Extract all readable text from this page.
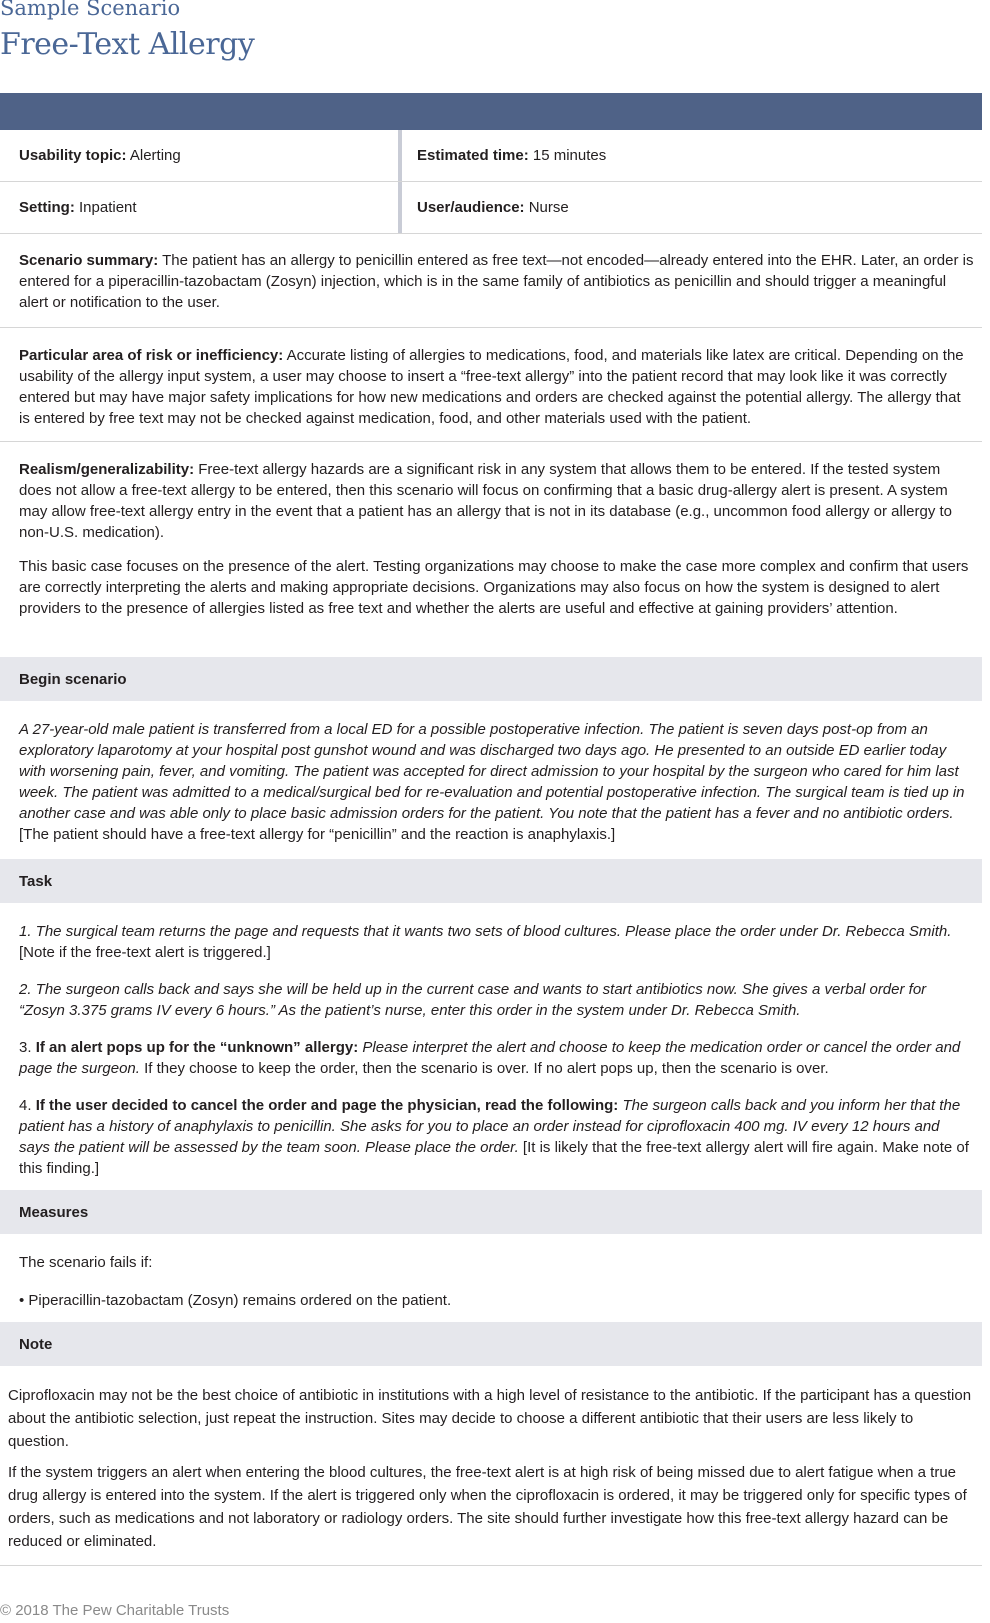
Sample Scenario
Free-Text Allergy
Usability topic: Alerting	Estimated time: 15 minutes
Setting: Inpatient	User/audience: Nurse

Scenario summary: The patient has an allergy to penicillin entered as free text—not encoded—already entered into the EHR. Later, an order is entered for a piperacillin-tazobactam (Zosyn) injection, which is in the same family of antibiotics as penicillin and should trigger a meaningful alert or notification to the user.

Particular area of risk or inefficiency: Accurate listing of allergies to medications, food, and materials like latex are critical. Depending on the usability of the allergy input system, a user may choose to insert a “free-text allergy” into the patient record that may look like it was correctly entered but may have major safety implications for how new medications and orders are checked against the potential allergy. The allergy that is entered by free text may not be checked against medication, food, and other materials used with the patient.

Realism/generalizability: Free-text allergy hazards are a significant risk in any system that allows them to be entered. If the tested system does not allow a free-text allergy to be entered, then this scenario will focus on confirming that a basic drug-allergy alert is present. A system may allow free-text allergy entry in the event that a patient has an allergy that is not in its database (e.g., uncommon food allergy or allergy to non-U.S. medication).

This basic case focuses on the presence of the alert. Testing organizations may choose to make the case more complex and confirm that users are correctly interpreting the alerts and making appropriate decisions. Organizations may also focus on how the system is designed to alert providers to the presence of allergies listed as free text and whether the alerts are useful and effective at gaining providers’ attention.

Begin scenario

A 27-year-old male patient is transferred from a local ED for a possible postoperative infection. The patient is seven days post-op from an exploratory laparotomy at your hospital post gunshot wound and was discharged two days ago. He presented to an outside ED earlier today with worsening pain, fever, and vomiting. The patient was accepted for direct admission to your hospital by the surgeon who cared for him last week. The patient was admitted to a medical/surgical bed for re-evaluation and potential postoperative infection. The surgical team is tied up in another case and was able only to place basic admission orders for the patient. You note that the patient has a fever and no antibiotic orders. [The patient should have a free-text allergy for “penicillin” and the reaction is anaphylaxis.]

Task

1. The surgical team returns the page and requests that it wants two sets of blood cultures. Please place the order under Dr. Rebecca Smith.
[Note if the free-text alert is triggered.]

2. The surgeon calls back and says she will be held up in the current case and wants to start antibiotics now. She gives a verbal order for “Zosyn 3.375 grams IV every 6 hours.” As the patient’s nurse, enter this order in the system under Dr. Rebecca Smith.

3. If an alert pops up for the “unknown” allergy: Please interpret the alert and choose to keep the medication order or cancel the order and page the surgeon. If they choose to keep the order, then the scenario is over. If no alert pops up, then the scenario is over.

4. If the user decided to cancel the order and page the physician, read the following: The surgeon calls back and you inform her that the patient has a history of anaphylaxis to penicillin. She asks for you to place an order instead for ciprofloxacin 400 mg. IV every 12 hours and says the patient will be assessed by the team soon. Please place the order. [It is likely that the free-text allergy alert will fire again. Make note of this finding.]

Measures

The scenario fails if:

• Piperacillin-tazobactam (Zosyn) remains ordered on the patient.

Note

Ciprofloxacin may not be the best choice of antibiotic in institutions with a high level of resistance to the antibiotic. If the participant has a question about the antibiotic selection, just repeat the instruction. Sites may decide to choose a different antibiotic that their users are less likely to question.

If the system triggers an alert when entering the blood cultures, the free-text alert is at high risk of being missed due to alert fatigue when a true drug allergy is entered into the system. If the alert is triggered only when the ciprofloxacin is ordered, it may be triggered only for specific types of orders, such as medications and not laboratory or radiology orders. The site should further investigate how this free-text allergy hazard can be reduced or eliminated.

© 2018 The Pew Charitable Trusts
